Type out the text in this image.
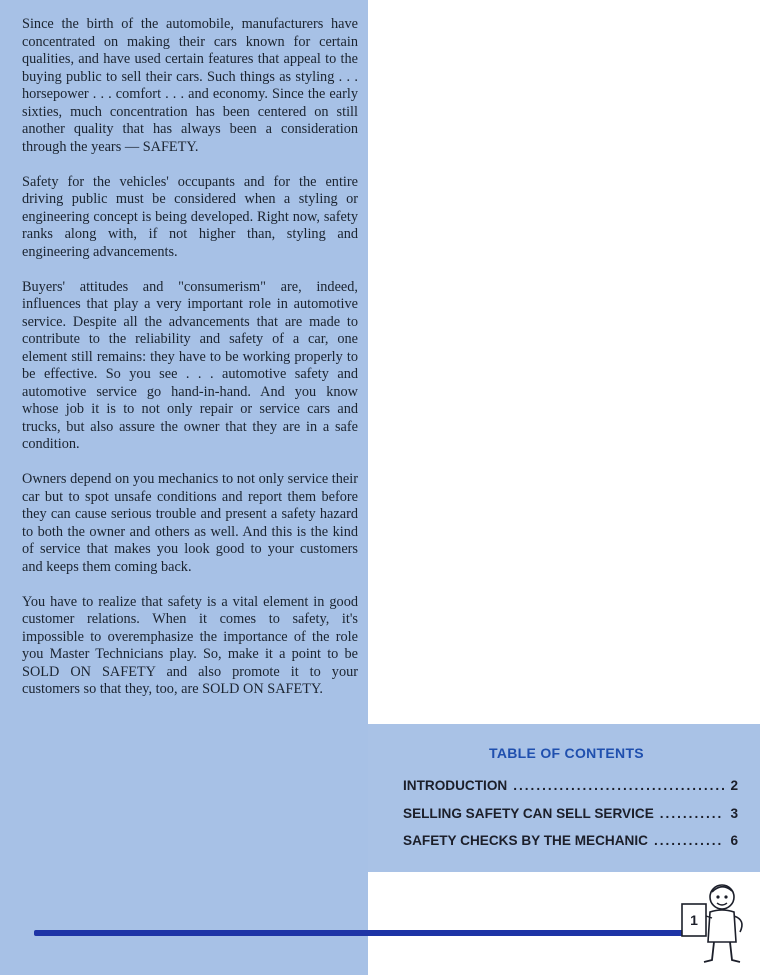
Since the birth of the automobile, manufacturers have concentrated on making their cars known for certain qualities, and have used certain features that appeal to the buying public to sell their cars. Such things as styling . . . horsepower . . . comfort . . . and economy. Since the early sixties, much concentration has been centered on still another quality that has always been a consideration through the years — SAFETY.

Safety for the vehicles' occupants and for the entire driving public must be considered when a styling or engineering concept is being developed. Right now, safety ranks along with, if not higher than, styling and engineering advancements.

Buyers' attitudes and "consumerism" are, indeed, influences that play a very important role in automotive service. Despite all the advancements that are made to contribute to the reliability and safety of a car, one element still remains: they have to be working properly to be effective. So you see . . . automotive safety and automotive service go hand-in-hand. And you know whose job it is to not only repair or service cars and trucks, but also assure the owner that they are in a safe condition.

Owners depend on you mechanics to not only service their car but to spot unsafe conditions and report them before they can cause serious trouble and present a safety hazard to both the owner and others as well. And this is the kind of service that makes you look good to your customers and keeps them coming back.

You have to realize that safety is a vital element in good customer relations. When it comes to safety, it's impossible to overemphasize the importance of the role you Master Technicians play. So, make it a point to be SOLD ON SAFETY and also promote it to your customers so that they, too, are SOLD ON SAFETY.

TABLE OF CONTENTS
INTRODUCTION .....	2
SELLING SAFETY CAN SELL SERVICE .....	3
SAFETY CHECKS BY THE MECHANIC .....	6
1
